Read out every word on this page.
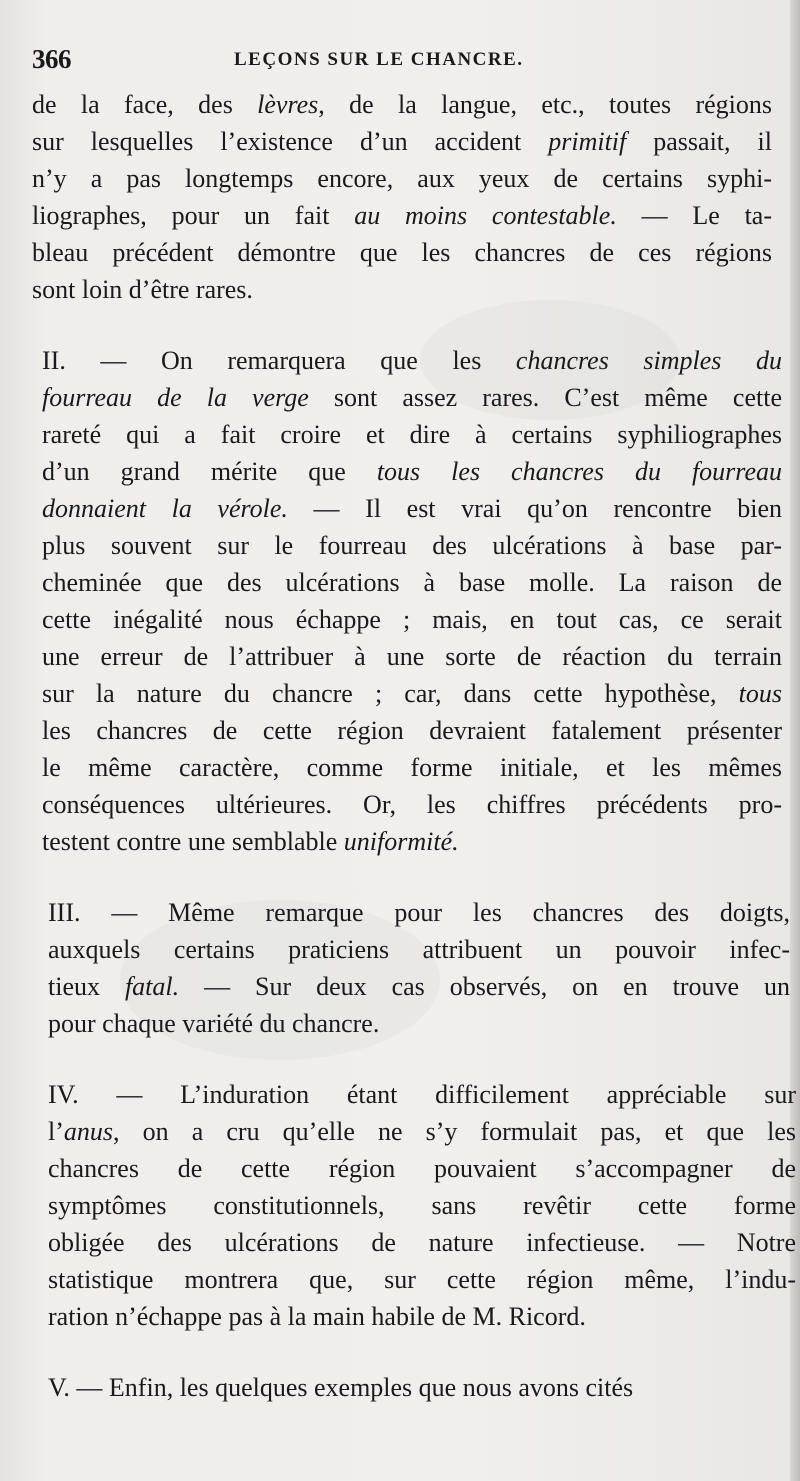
366	LEÇONS SUR LE CHANCRE.
de la face, des lèvres, de la langue, etc., toutes régions
sur lesquelles l’existence d’un accident primitif passait, il
n’y a pas longtemps encore, aux yeux de certains syphi-
liographes, pour un fait au moins contestable. — Le ta-
bleau précédent démontre que les chancres de ces régions
sont loin d’être rares.
II. — On remarquera que les chancres simples du
fourreau de la verge sont assez rares. C’est même cette
rareté qui a fait croire et dire à certains syphiliographes
d’un grand mérite que tous les chancres du fourreau
donnaient la vérole. — Il est vrai qu’on rencontre bien
plus souvent sur le fourreau des ulcérations à base par-
cheminée que des ulcérations à base molle. La raison de
cette inégalité nous échappe ; mais, en tout cas, ce serait
une erreur de l’attribuer à une sorte de réaction du terrain
sur la nature du chancre ; car, dans cette hypothèse, tous
les chancres de cette région devraient fatalement présenter
le même caractère, comme forme initiale, et les mêmes
conséquences ultérieures. Or, les chiffres précédents pro-
testent contre une semblable uniformité.
III. — Même remarque pour les chancres des doigts,
auxquels certains praticiens attribuent un pouvoir infec-
tieux fatal. — Sur deux cas observés, on en trouve un
pour chaque variété du chancre.
IV. — L’induration étant difficilement appréciable sur
l’anus, on a cru qu’elle ne s’y formulait pas, et que les
chancres de cette région pouvaient s’accompagner de
symptômes constitutionnels, sans revêtir cette forme
obligée des ulcérations de nature infectieuse. — Notre
statistique montrera que, sur cette région même, l’indu-
ration n’échappe pas à la main habile de M. Ricord.
V. — Enfin, les quelques exemples que nous avons cités
